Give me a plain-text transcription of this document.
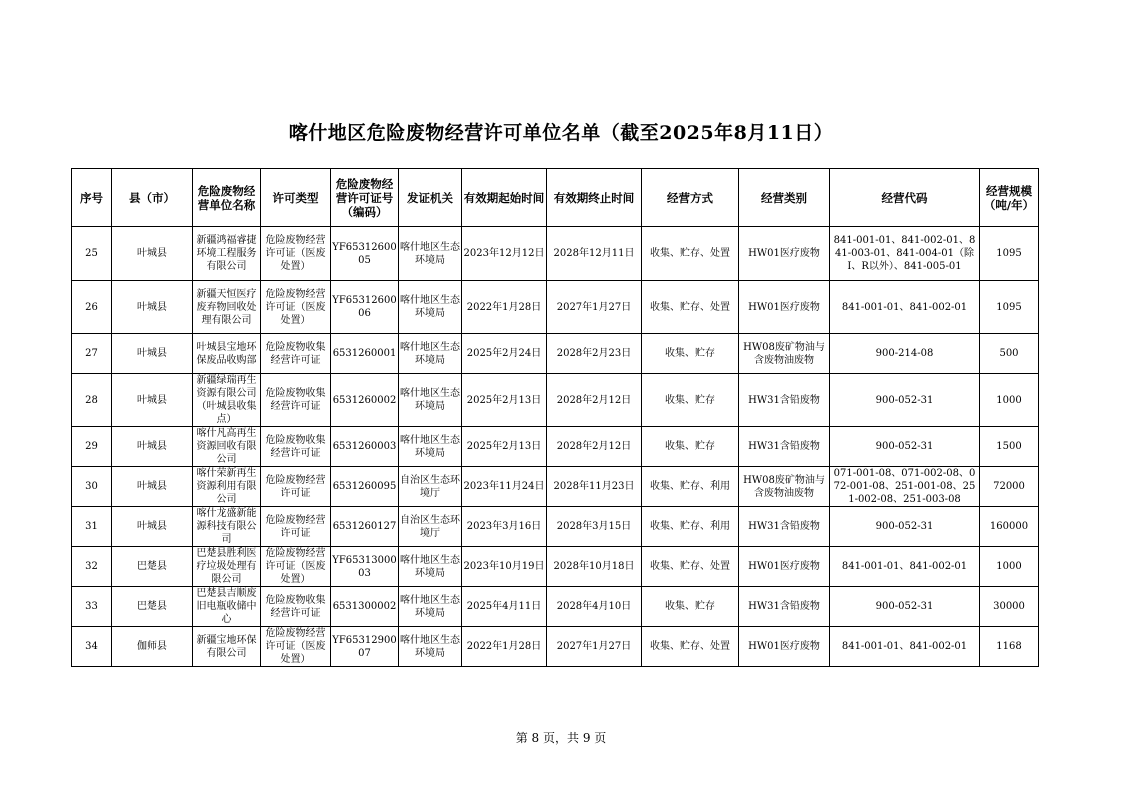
喀什地区危险废物经营许可单位名单（截至2025年8月11日）
序号	县（市）	危险废物经营单位名称	许可类型	危险废物经营许可证号（编码）	发证机关	有效期起始时间	有效期终止时间	经营方式	经营类别	经营代码	经营规模（吨/年）
25	叶城县	新疆鸿福睿捷环境工程服务有限公司	危险废物经营许可证（医废处置）	YF6531260005	喀什地区生态环境局	2023年12月12日	2028年12月11日	收集、贮存、处置	HW01医疗废物	841-001-01、841-002-01、841-003-01、841-004-01（除Ⅰ、R以外）、841-005-01	1095
26	叶城县	新疆天恒医疗废弃物回收处理有限公司	危险废物经营许可证（医废处置）	YF6531260006	喀什地区生态环境局	2022年1月28日	2027年1月27日	收集、贮存、处置	HW01医疗废物	841-001-01、841-002-01	1095
27	叶城县	叶城县宝地环保废品收购部	危险废物收集经营许可证	6531260001	喀什地区生态环境局	2025年2月24日	2028年2月23日	收集、贮存	HW08废矿物油与含废物油废物	900-214-08	500
28	叶城县	新疆绿瑞再生资源有限公司（叶城县收集点）	危险废物收集经营许可证	6531260002	喀什地区生态环境局	2025年2月13日	2028年2月12日	收集、贮存	HW31含铅废物	900-052-31	1000
29	叶城县	喀什凡高再生资源回收有限公司	危险废物收集经营许可证	6531260003	喀什地区生态环境局	2025年2月13日	2028年2月12日	收集、贮存	HW31含铅废物	900-052-31	1500
30	叶城县	喀什荣新再生资源利用有限公司	危险废物经营许可证	6531260095	自治区生态环境厅	2023年11月24日	2028年11月23日	收集、贮存、利用	HW08废矿物油与含废物油废物	071-001-08、071-002-08、072-001-08、251-001-08、251-002-08、251-003-08	72000
31	叶城县	喀什龙盛新能源科技有限公司	危险废物经营许可证	6531260127	自治区生态环境厅	2023年3月16日	2028年3月15日	收集、贮存、利用	HW31含铅废物	900-052-31	160000
32	巴楚县	巴楚县胜利医疗垃圾处理有限公司	危险废物经营许可证（医废处置）	YF6531300003	喀什地区生态环境局	2023年10月19日	2028年10月18日	收集、贮存、处置	HW01医疗废物	841-001-01、841-002-01	1000
33	巴楚县	巴楚县吉顺废旧电瓶收储中心	危险废物收集经营许可证	6531300002	喀什地区生态环境局	2025年4月11日	2028年4月10日	收集、贮存	HW31含铅废物	900-052-31	30000
34	伽师县	新疆宝地环保有限公司	危险废物经营许可证（医废处置）	YF6531290007	喀什地区生态环境局	2022年1月28日	2027年1月27日	收集、贮存、处置	HW01医疗废物	841-001-01、841-002-01	1168
第 8 页，共 9 页
